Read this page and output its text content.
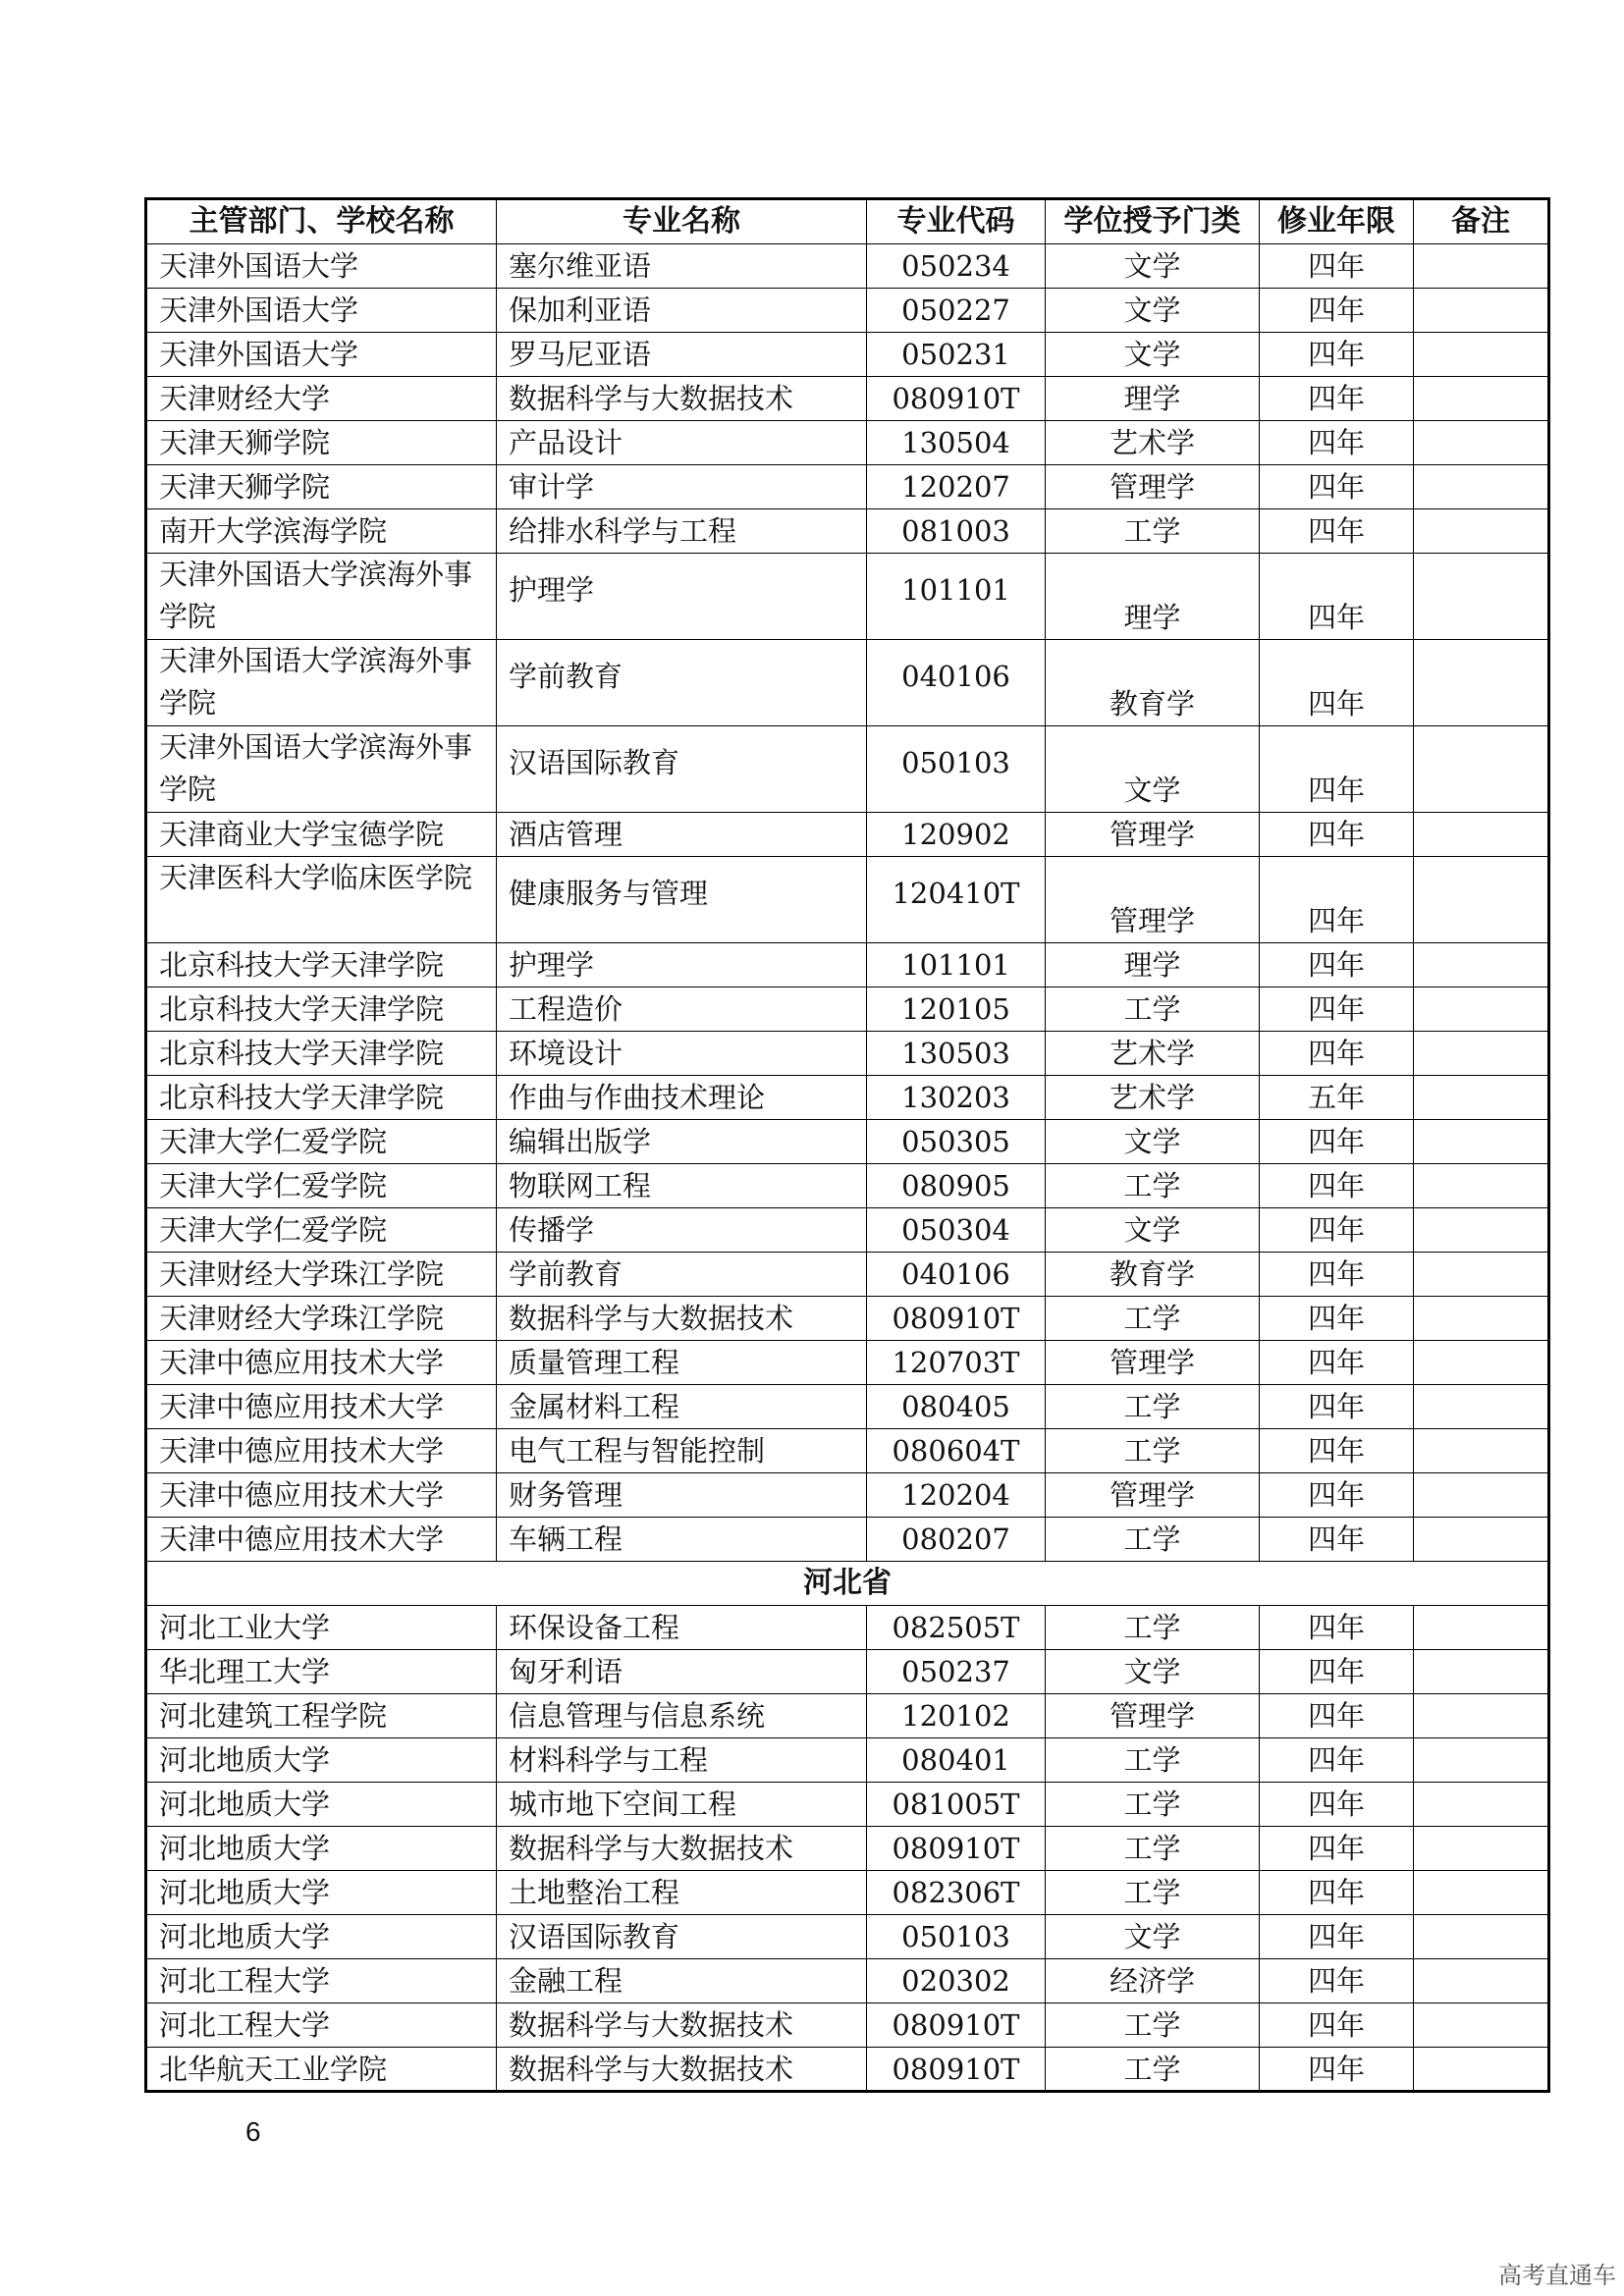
主管部门、学校名称	专业名称	专业代码	学位授予门类	修业年限	备注
天津外国语大学	塞尔维亚语	050234	文学	四年	
天津外国语大学	保加利亚语	050227	文学	四年	
天津外国语大学	罗马尼亚语	050231	文学	四年	
天津财经大学	数据科学与大数据技术	080910T	理学	四年	
天津天狮学院	产品设计	130504	艺术学	四年	
天津天狮学院	审计学	120207	管理学	四年	
南开大学滨海学院	给排水科学与工程	081003	工学	四年	
天津外国语大学滨海外事学院	护理学	101101	理学	四年	
天津外国语大学滨海外事学院	学前教育	040106	教育学	四年	
天津外国语大学滨海外事学院	汉语国际教育	050103	文学	四年	
天津商业大学宝德学院	酒店管理	120902	管理学	四年	
天津医科大学临床医学院	健康服务与管理	120410T	管理学	四年	
北京科技大学天津学院	护理学	101101	理学	四年	
北京科技大学天津学院	工程造价	120105	工学	四年	
北京科技大学天津学院	环境设计	130503	艺术学	四年	
北京科技大学天津学院	作曲与作曲技术理论	130203	艺术学	五年	
天津大学仁爱学院	编辑出版学	050305	文学	四年	
天津大学仁爱学院	物联网工程	080905	工学	四年	
天津大学仁爱学院	传播学	050304	文学	四年	
天津财经大学珠江学院	学前教育	040106	教育学	四年	
天津财经大学珠江学院	数据科学与大数据技术	080910T	工学	四年	
天津中德应用技术大学	质量管理工程	120703T	管理学	四年	
天津中德应用技术大学	金属材料工程	080405	工学	四年	
天津中德应用技术大学	电气工程与智能控制	080604T	工学	四年	
天津中德应用技术大学	财务管理	120204	管理学	四年	
天津中德应用技术大学	车辆工程	080207	工学	四年	
河北省					
河北工业大学	环保设备工程	082505T	工学	四年	
华北理工大学	匈牙利语	050237	文学	四年	
河北建筑工程学院	信息管理与信息系统	120102	管理学	四年	
河北地质大学	材料科学与工程	080401	工学	四年	
河北地质大学	城市地下空间工程	081005T	工学	四年	
河北地质大学	数据科学与大数据技术	080910T	工学	四年	
河北地质大学	土地整治工程	082306T	工学	四年	
河北地质大学	汉语国际教育	050103	文学	四年	
河北工程大学	金融工程	020302	经济学	四年	
河北工程大学	数据科学与大数据技术	080910T	工学	四年	
北华航天工业学院	数据科学与大数据技术	080910T	工学	四年	
6
高考直通车
